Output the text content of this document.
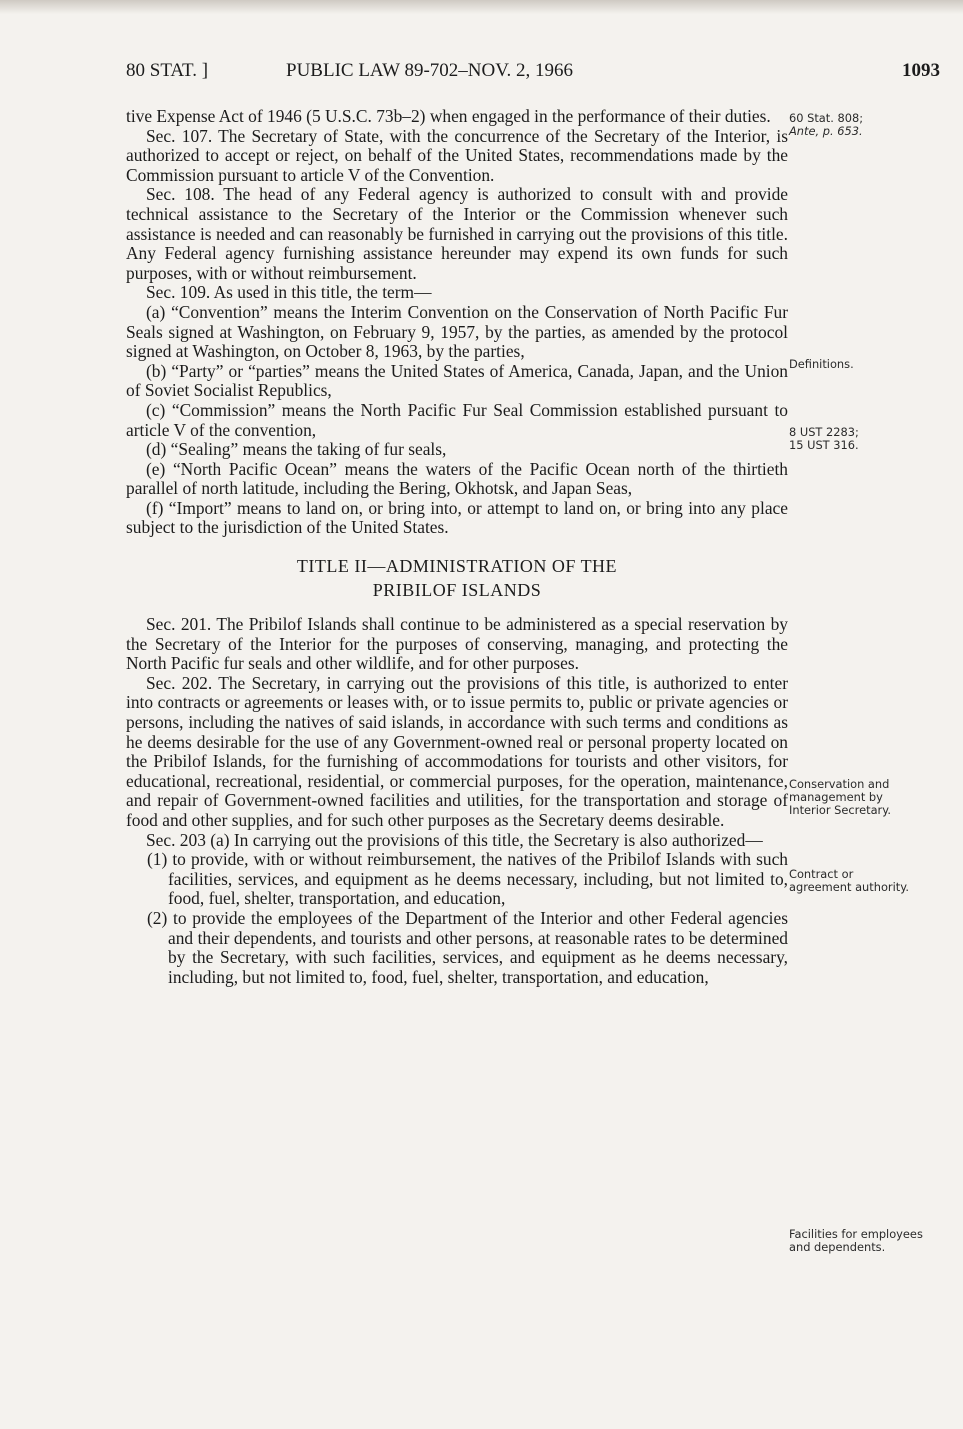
80 STAT. ]	PUBLIC LAW 89-702–NOV. 2, 1966	1093

tive Expense Act of 1946 (5 U.S.C. 73b–2) when engaged in the performance of their duties.

Sec. 107. The Secretary of State, with the concurrence of the Secretary of the Interior, is authorized to accept or reject, on behalf of the United States, recommendations made by the Commission pursuant to article V of the Convention.

Sec. 108. The head of any Federal agency is authorized to consult with and provide technical assistance to the Secretary of the Interior or the Commission whenever such assistance is needed and can reasonably be furnished in carrying out the provisions of this title. Any Federal agency furnishing assistance hereunder may expend its own funds for such purposes, with or without reimbursement.

Sec. 109. As used in this title, the term—

(a) “Convention” means the Interim Convention on the Conservation of North Pacific Fur Seals signed at Washington, on February 9, 1957, by the parties, as amended by the protocol signed at Washington, on October 8, 1963, by the parties,

(b) “Party” or “parties” means the United States of America, Canada, Japan, and the Union of Soviet Socialist Republics,

(c) “Commission” means the North Pacific Fur Seal Commission established pursuant to article V of the convention,

(d) “Sealing” means the taking of fur seals,

(e) “North Pacific Ocean” means the waters of the Pacific Ocean north of the thirtieth parallel of north latitude, including the Bering, Okhotsk, and Japan Seas,

(f) “Import” means to land on, or bring into, or attempt to land on, or bring into any place subject to the jurisdiction of the United States.

TITLE II—ADMINISTRATION OF THE
PRIBILOF ISLANDS

Sec. 201. The Pribilof Islands shall continue to be administered as a special reservation by the Secretary of the Interior for the purposes of conserving, managing, and protecting the North Pacific fur seals and other wildlife, and for other purposes.

Sec. 202. The Secretary, in carrying out the provisions of this title, is authorized to enter into contracts or agreements or leases with, or to issue permits to, public or private agencies or persons, including the natives of said islands, in accordance with such terms and conditions as he deems desirable for the use of any Government-owned real or personal property located on the Pribilof Islands, for the furnishing of accommodations for tourists and other visitors, for educational, recreational, residential, or commercial purposes, for the operation, maintenance, and repair of Government-owned facilities and utilities, for the transportation and storage of food and other supplies, and for such other purposes as the Secretary deems desirable.

Sec. 203 (a) In carrying out the provisions of this title, the Secretary is also authorized—

(1) to provide, with or without reimbursement, the natives of the Pribilof Islands with such facilities, services, and equipment as he deems necessary, including, but not limited to, food, fuel, shelter, transportation, and education,

(2) to provide the employees of the Department of the Interior and other Federal agencies and their dependents, and tourists and other persons, at reasonable rates to be determined by the Secretary, with such facilities, services, and equipment as he deems necessary, including, but not limited to, food, fuel, shelter, transportation, and education,

60 Stat. 808;
Ante, p. 653.
Definitions.
8 UST 2283;
15 UST 316.
Conservation and management by Interior Secretary.
Contract or agreement authority.
Facilities for employees and dependents.
